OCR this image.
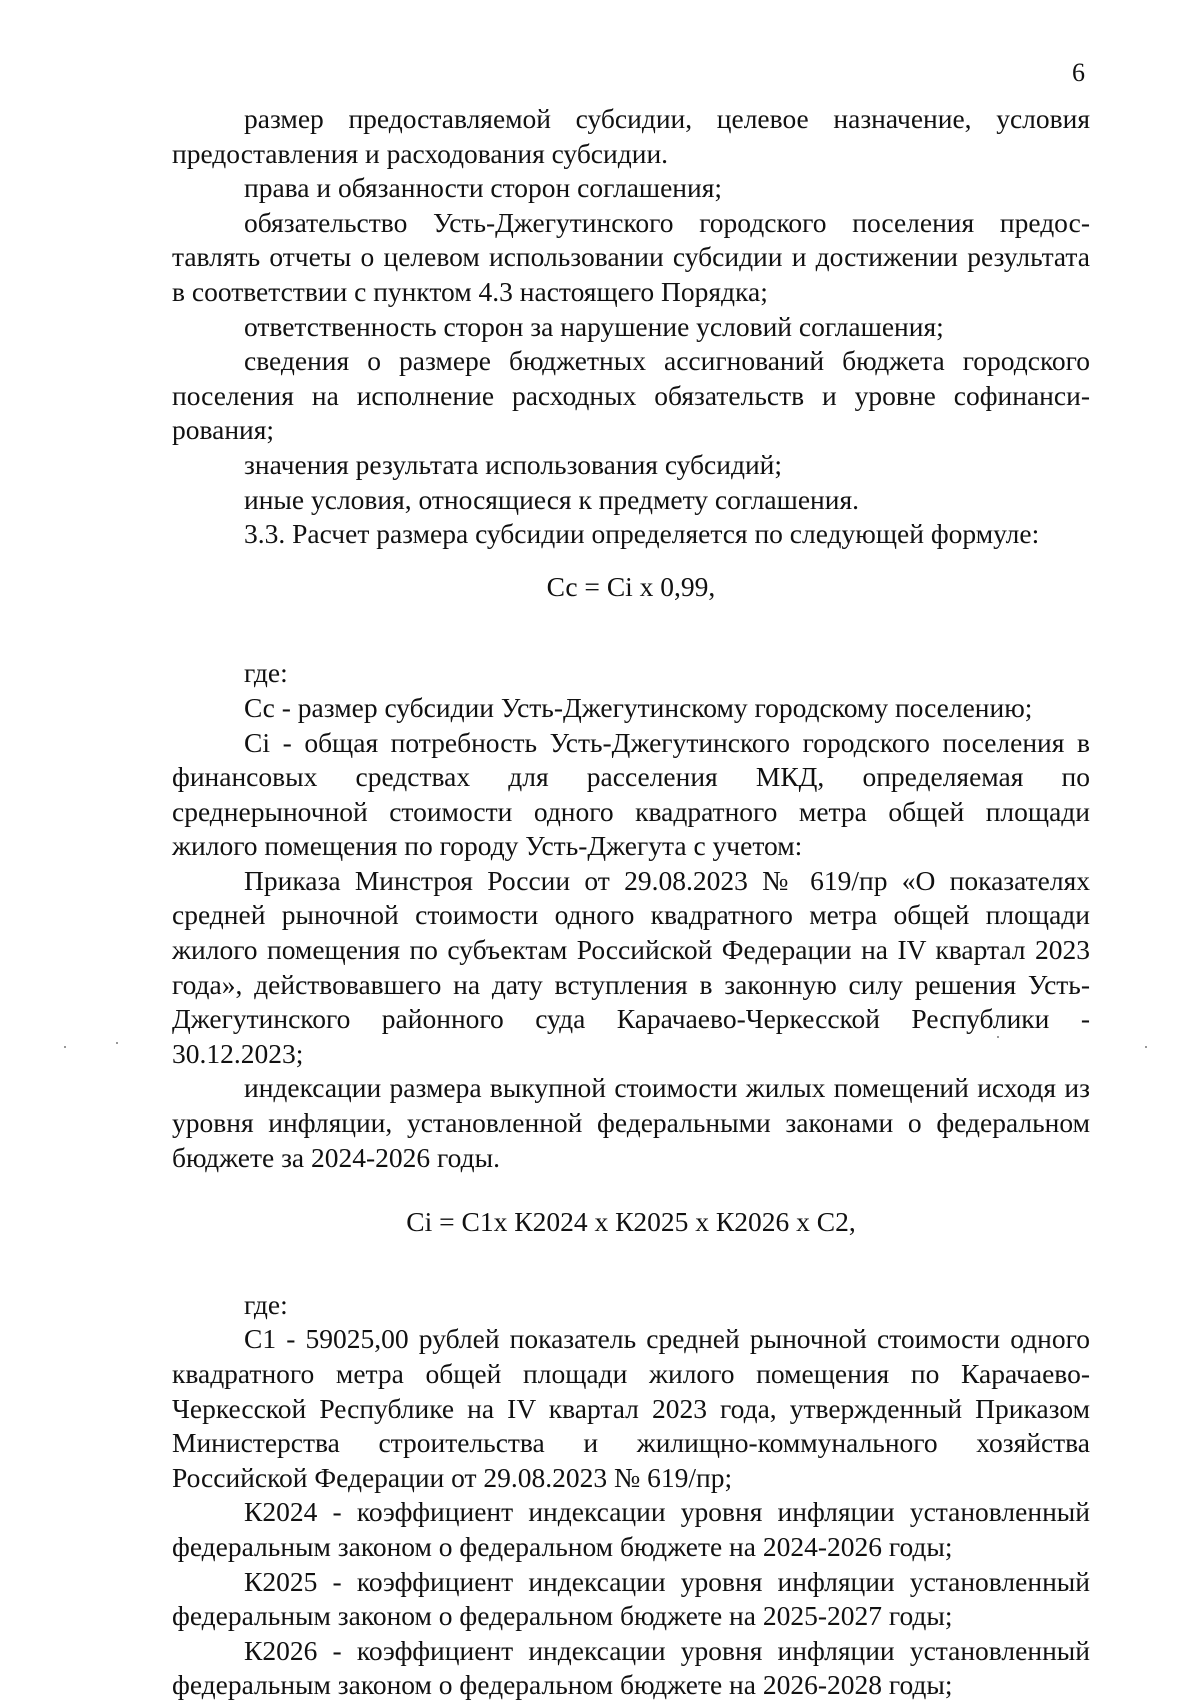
6

размер предоставляемой субсидии, целевое назначение, условия предоставления и расходования субсидии.

права и обязанности сторон соглашения;

обязательство Усть-Джегутинского городского поселения предоставлять отчеты о целевом использовании субсидии и достижении результата в соответствии с пунктом 4.3 настоящего Порядка;

ответственность сторон за нарушение условий соглашения;

сведения о размере бюджетных ассигнований бюджета городского поселения на исполнение расходных обязательств и уровне софинансирования;

значения результата использования субсидий;

иные условия, относящиеся к предмету соглашения.

3.3. Расчет размера субсидии определяется по следующей формуле:

Сс = Сi х 0,99,

где:

Сс - размер субсидии Усть-Джегутинскому городскому поселению;

Сi - общая потребность Усть-Джегутинского городского поселения в финансовых средствах для расселения МКД, определяемая по среднерыночной стоимости одного квадратного метра общей площади жилого помещения по городу Усть-Джегута с учетом:

Приказа Минстроя России от 29.08.2023 № 619/пр «О показателях средней рыночной стоимости одного квадратного метра общей площади жилого помещения по субъектам Российской Федерации на IV квартал 2023 года», действовавшего на дату вступления в законную силу решения Усть-Джегутинского районного суда Карачаево-Черкесской Республики - 30.12.2023;

индексации размера выкупной стоимости жилых помещений исходя из уровня инфляции, установленной федеральными законами о федеральном бюджете за 2024-2026 годы.

Сi = С1х К2024 х К2025 х К2026 х С2,

где:

С1 - 59025,00 рублей показатель средней рыночной стоимости одного квадратного метра общей площади жилого помещения по Карачаево-Черкесской Республике на IV квартал 2023 года, утвержденный Приказом Министерства строительства и жилищно-коммунального хозяйства Российской Федерации от 29.08.2023 № 619/пр;

К2024 - коэффициент индексации уровня инфляции установленный федеральным законом о федеральном бюджете на 2024-2026 годы;

К2025 - коэффициент индексации уровня инфляции установленный федеральным законом о федеральном бюджете на 2025-2027 годы;

К2026 - коэффициент индексации уровня инфляции установленный федеральным законом о федеральном бюджете на 2026-2028 годы;
